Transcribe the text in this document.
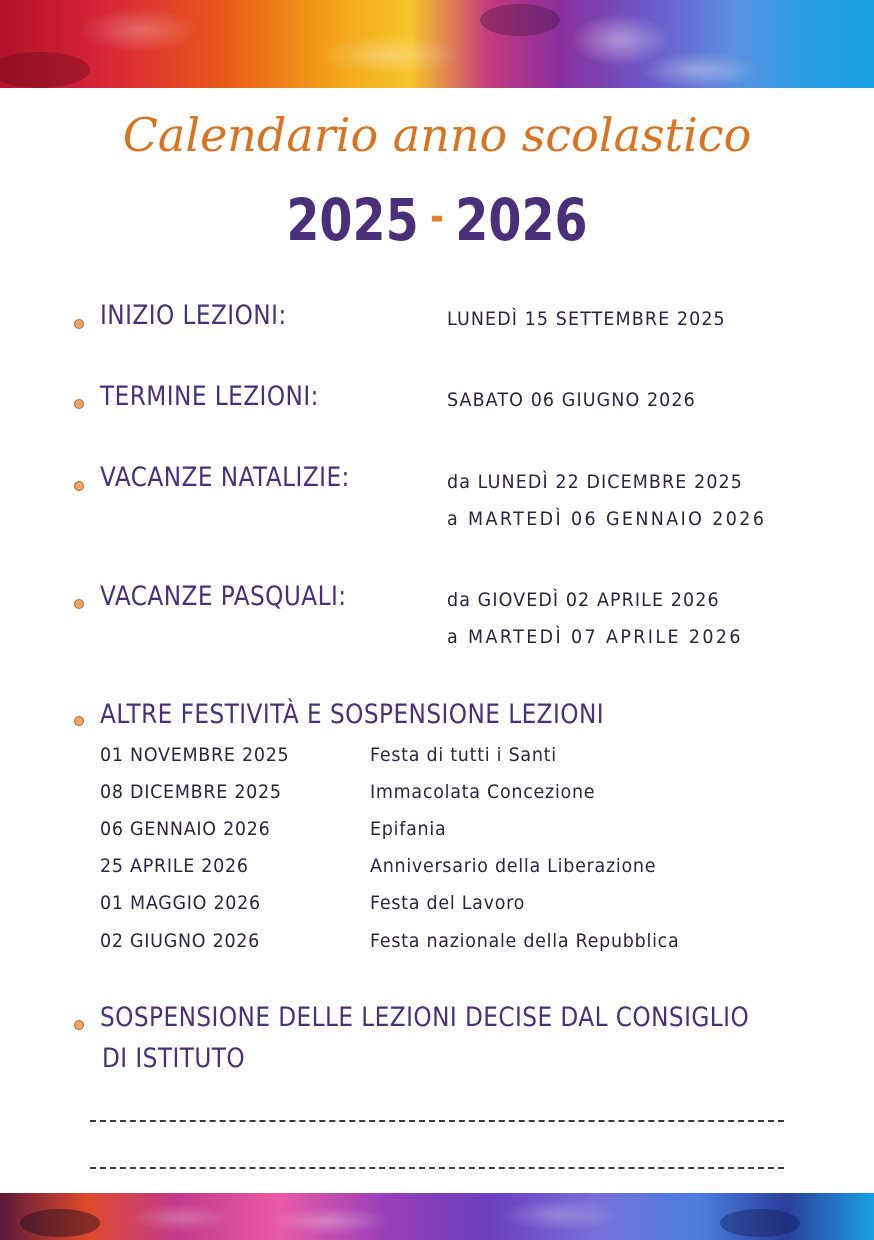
Calendario anno scolastico
2025 - 2026
INIZIO LEZIONI:	LUNEDÌ 15 SETTEMBRE 2025
TERMINE LEZIONI:	SABATO 06 GIUGNO 2026
VACANZE NATALIZIE:	da LUNEDÌ 22 DICEMBRE 2025
a MARTEDÌ 06 GENNAIO 2026
VACANZE PASQUALI:	da GIOVEDÌ 02 APRILE 2026
a MARTEDÌ 07 APRILE 2026
ALTRE FESTIVITÀ E SOSPENSIONE LEZIONI
01 NOVEMBRE 2025	Festa di tutti i Santi
08 DICEMBRE 2025	Immacolata Concezione
06 GENNAIO 2026	Epifania
25 APRILE 2026	Anniversario della Liberazione
01 MAGGIO 2026	Festa del Lavoro
02 GIUGNO 2026	Festa nazionale della Repubblica
SOSPENSIONE DELLE LEZIONI DECISE DAL CONSIGLIO
DI ISTITUTO
